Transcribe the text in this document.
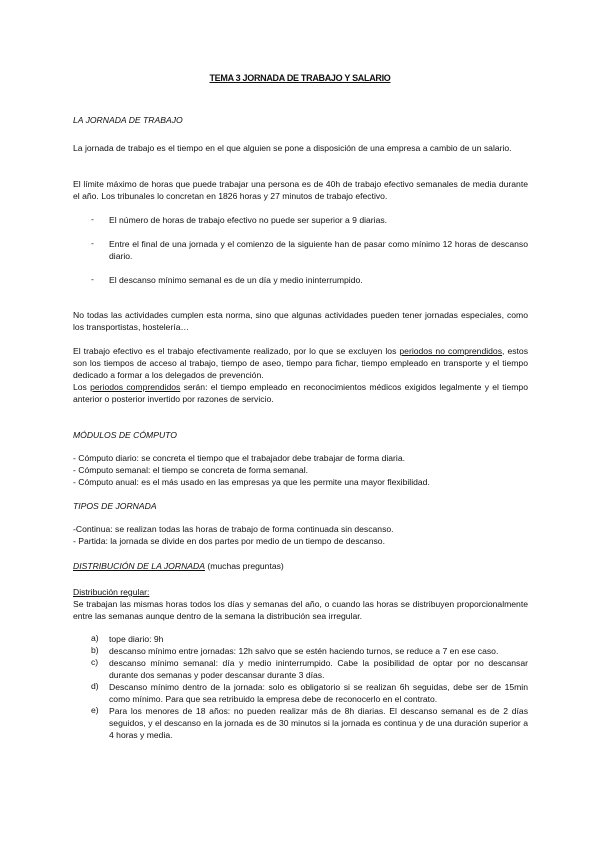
TEMA 3 JORNADA DE TRABAJO Y SALARIO
LA JORNADA DE TRABAJO
La jornada de trabajo es el tiempo en el que alguien se pone a disposición de una empresa a cambio de un salario.
El límite máximo de horas que puede trabajar una persona es de 40h de trabajo efectivo semanales de media durante el año. Los tribunales lo concretan en 1826 horas y 27 minutos de trabajo efectivo.
- El número de horas de trabajo efectivo no puede ser superior a 9 diarias.
- Entre el final de una jornada y el comienzo de la siguiente han de pasar como mínimo 12 horas de descanso diario.
- El descanso mínimo semanal es de un día y medio ininterrumpido.
No todas las actividades cumplen esta norma, sino que algunas actividades pueden tener jornadas especiales, como los transportistas, hostelería…
El trabajo efectivo es el trabajo efectivamente realizado, por lo que se excluyen los periodos no comprendidos, estos son los tiempos de acceso al trabajo, tiempo de aseo, tiempo para fichar, tiempo empleado en transporte y el tiempo dedicado a formar a los delegados de prevención.
Los periodos comprendidos serán: el tiempo empleado en reconocimientos médicos exigidos legalmente y el tiempo anterior o posterior invertido por razones de servicio.
MÓDULOS DE CÓMPUTO
- Cómputo diario: se concreta el tiempo que el trabajador debe trabajar de forma diaria.
- Cómputo semanal: el tiempo se concreta de forma semanal.
- Cómputo anual: es el más usado en las empresas ya que les permite una mayor flexibilidad.
TIPOS DE JORNADA
-Continua: se realizan todas las horas de trabajo de forma continuada sin descanso.
- Partida: la jornada se divide en dos partes por medio de un tiempo de descanso.
DISTRIBUCIÓN DE LA JORNADA (muchas preguntas)
Distribución regular:
Se trabajan las mismas horas todos los días y semanas del año, o cuando las horas se distribuyen proporcionalmente entre las semanas aunque dentro de la semana la distribución sea irregular.
a) tope diario: 9h
b) descanso mínimo entre jornadas: 12h salvo que se estén haciendo turnos, se reduce a 7 en ese caso.
c) descanso mínimo semanal: día y medio ininterrumpido. Cabe la posibilidad de optar por no descansar durante dos semanas y poder descansar durante 3 días.
d) Descanso mínimo dentro de la jornada: solo es obligatorio si se realizan 6h seguidas, debe ser de 15min como mínimo. Para que sea retribuido la empresa debe de reconocerlo en el contrato.
e) Para los menores de 18 años: no pueden realizar más de 8h diarias. El descanso semanal es de 2 días seguidos, y el descanso en la jornada es de 30 minutos si la jornada es continua y de una duración superior a 4 horas y media.
